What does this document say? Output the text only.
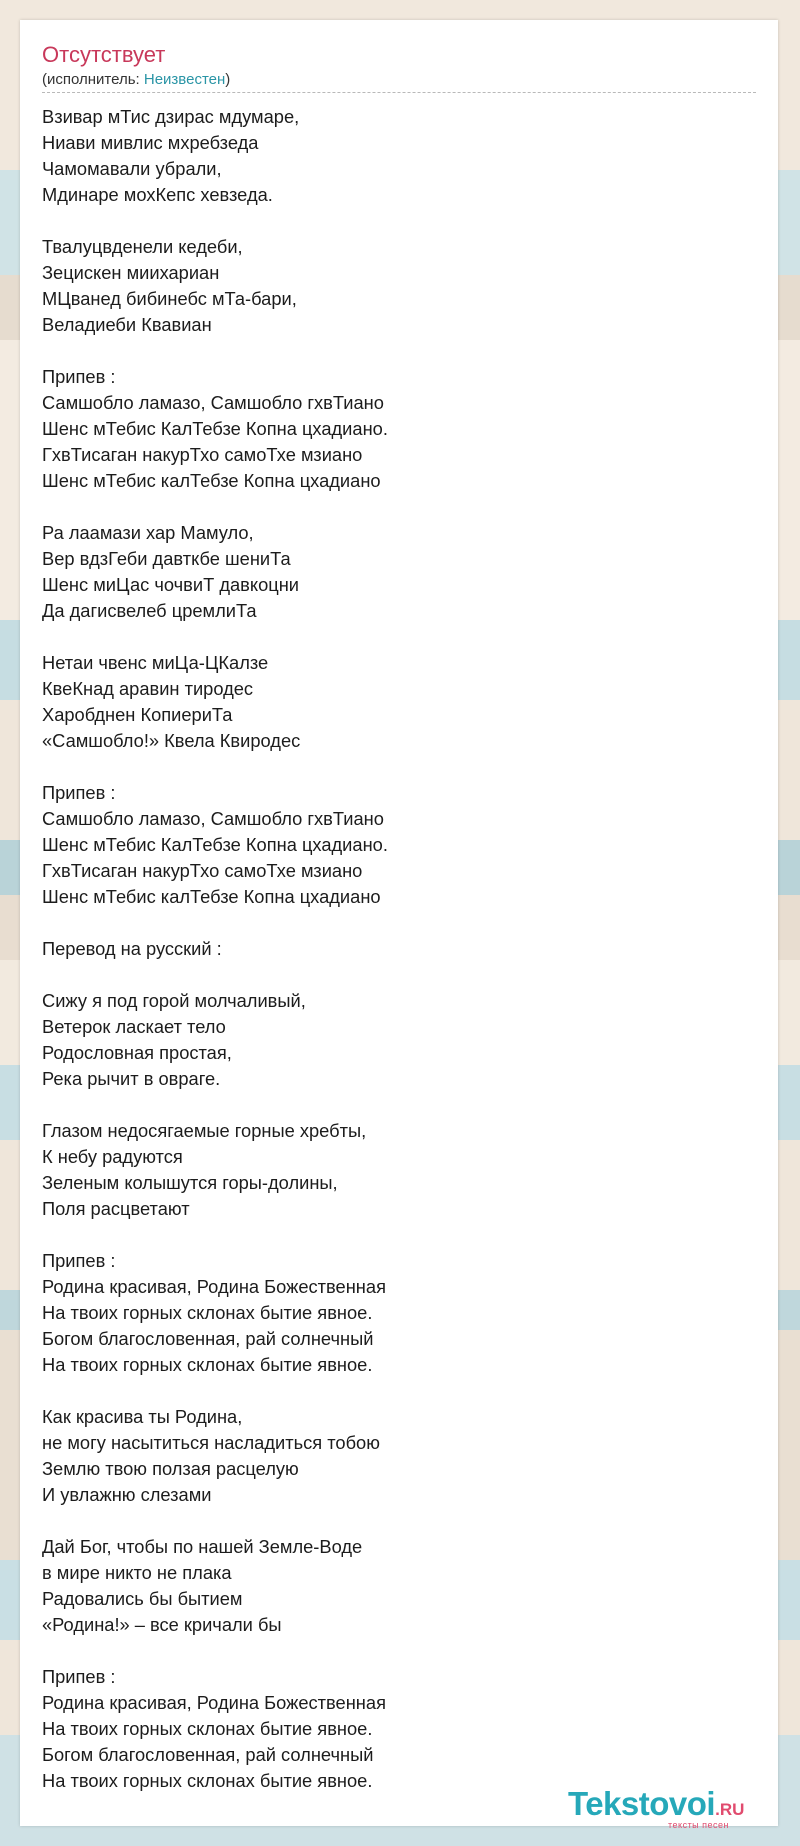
Отсутствует
(исполнитель: Неизвестен)
Взивар мТис дзирас мдумаре,
Ниави мивлис мхребзеда
Чамомавали убрали,
Мдинаре мохКепс хевзеда.
Твалуцвденели кедеби,
Зецискен миихариан
МЦванед бибинебс мТа-бари,
Веладиеби Квавиан
Припев :
Самшобло ламазо, Самшобло гхвТиано
Шенс мТебис КалТебзе Копна цхадиано.
ГхвТисаган накурТхо самоТхе мзиано
Шенс мТебис калТебзе Копна цхадиано
Ра лаамази хар Мамуло,
Вер вдзГеби давткбе шениТа
Шенс миЦас чочвиТ давкоцни
Да дагисвелеб цремлиТа
Нетаи чвенс миЦа-ЦКалзе
КвеКнад аравин тиродес
Харобднен КопиериТа
«Самшобло!» Квела Квиродес
Припев :
Самшобло ламазо, Самшобло гхвТиано
Шенс мТебис КалТебзе Копна цхадиано.
ГхвТисаган накурТхо самоТхе мзиано
Шенс мТебис калТебзе Копна цхадиано
Перевод на русский :
Сижу я под горой молчаливый,
Ветерок ласкает тело
Родословная простая,
Река рычит в овраге.
Глазом недосягаемые горные хребты,
К небу радуются
Зеленым колышутся горы-долины,
Поля расцветают
Припев :
Родина красивая, Родина Божественная
На твоих горных склонах бытие явное.
Богом благословенная, рай солнечный
На твоих горных склонах бытие явное.
Как красива ты Родина,
не могу насытиться насладиться тобою
Землю твою ползая расцелую
И увлажню слезами
Дай Бог, чтобы по нашей Земле-Воде
в мире никто не плака
Радовались бы бытием
«Родина!» – все кричали бы
Припев :
Родина красивая, Родина Божественная
На твоих горных склонах бытие явное.
Богом благословенная, рай солнечный
На твоих горных склонах бытие явное.
Tekstovoi.RU
тексты песен
